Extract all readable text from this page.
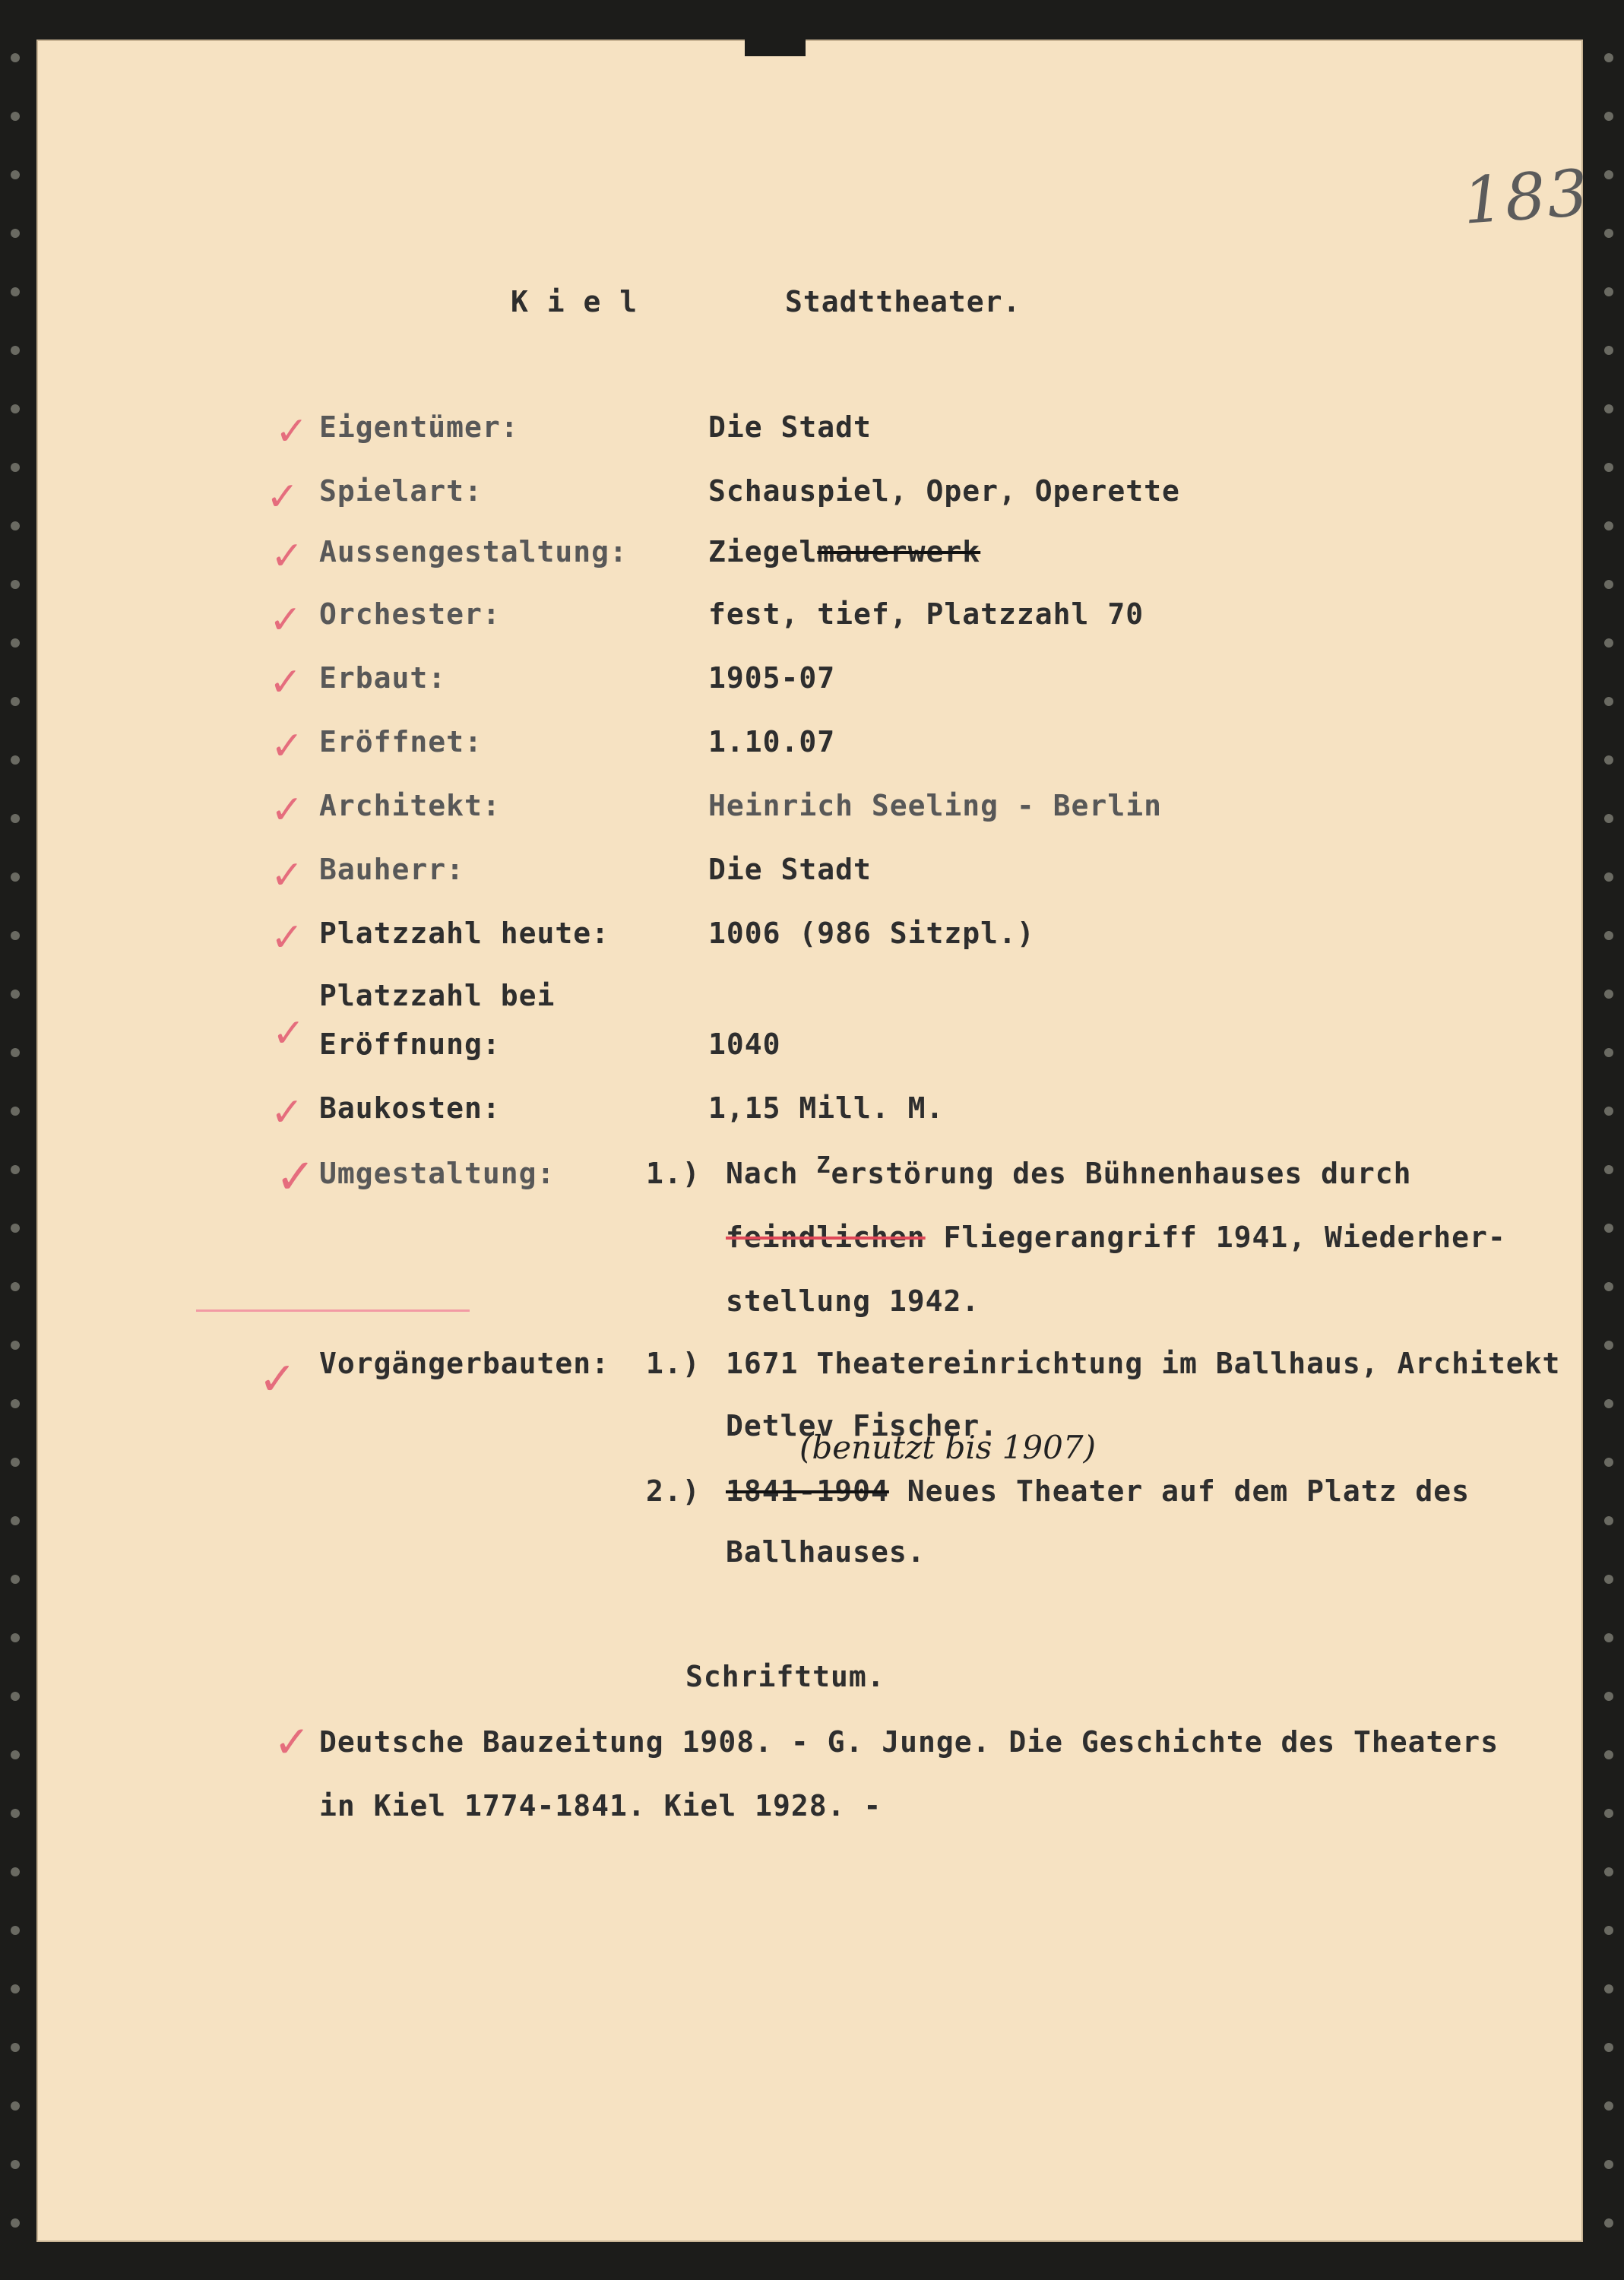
183
K i e l	Stadttheater.
✓ Eigentümer:	Die Stadt
✓ Spielart:	Schauspiel, Oper, Operette
✓ Aussengestaltung:	Ziegelmauerwerk
✓ Orchester:	fest, tief, Platzzahl 70
✓ Erbaut:	1905-07
✓ Eröffnet:	1.10.07
✓ Architekt:	Heinrich Seeling - Berlin
✓ Bauherr:	Die Stadt
✓ Platzzahl heute:	1006 (986 Sitzpl.)
Platzzahl bei
✓ Eröffnung:	1040
✓ Baukosten:	1,15 Mill. M.
✓ Umgestaltung:	1.) Nach $^Z$erstörung des Bühnenhauses durch
feindlichen Fliegerangriff 1941, Wiederher-
stellung 1942.
✓ Vorgängerbauten: 1.) 1671 Theatereinrichtung im Ballhaus, Architekt
Detlev Fischer.
(benutzt bis 1907)
2.) 1841-1904 Neues Theater auf dem Platz des
Ballhauses.
Schrifttum.
✓ Deutsche Bauzeitung 1908. - G. Junge. Die Geschichte des Theaters
in Kiel 1774-1841. Kiel 1928. -
